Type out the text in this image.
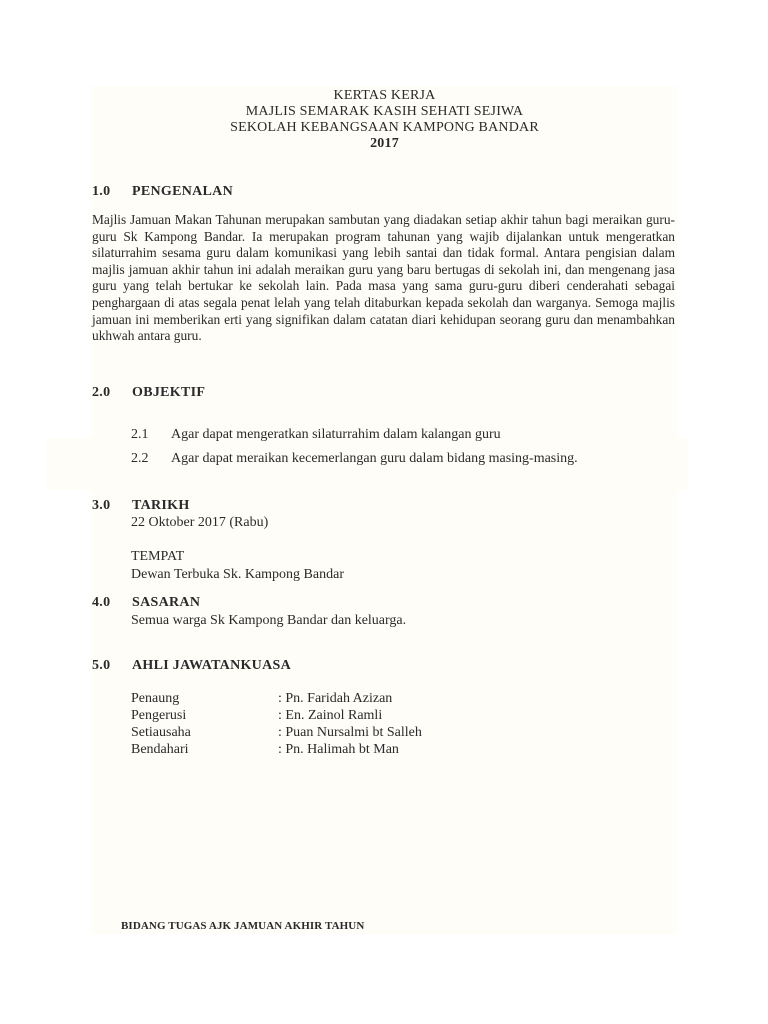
KERTAS KERJA
MAJLIS SEMARAK KASIH SEHATI SEJIWA
SEKOLAH KEBANGSAAN KAMPONG BANDAR
2017
1.0 PENGENALAN
Majlis Jamuan Makan Tahunan merupakan sambutan yang diadakan setiap akhir tahun bagi meraikan guru-guru Sk Kampong Bandar. Ia merupakan program tahunan yang wajib dijalankan untuk mengeratkan silaturrahim sesama guru dalam komunikasi yang lebih santai dan tidak formal. Antara pengisian dalam majlis jamuan akhir tahun ini adalah meraikan guru yang baru bertugas di sekolah ini, dan mengenang jasa guru yang telah bertukar ke sekolah lain. Pada masa yang sama guru-guru diberi cenderahati sebagai penghargaan di atas segala penat lelah yang telah ditaburkan kepada sekolah dan warganya. Semoga majlis jamuan ini memberikan erti yang signifikan dalam catatan diari kehidupan seorang guru dan menambahkan ukhwah antara guru.
2.0 OBJEKTIF
2.1 Agar dapat mengeratkan silaturrahim dalam kalangan guru
2.2 Agar dapat meraikan kecemerlangan guru dalam bidang masing-masing.
3.0 TARIKH
22 Oktober 2017 (Rabu)
TEMPAT
Dewan Terbuka Sk. Kampong Bandar
4.0 SASARAN
Semua warga Sk Kampong Bandar dan keluarga.
5.0 AHLI JAWATANKUASA
Penaung	: Pn. Faridah Azizan
Pengerusi	: En. Zainol Ramli
Setiausaha	: Puan Nursalmi bt Salleh
Bendahari	: Pn. Halimah bt Man
BIDANG TUGAS AJK JAMUAN AKHIR TAHUN
